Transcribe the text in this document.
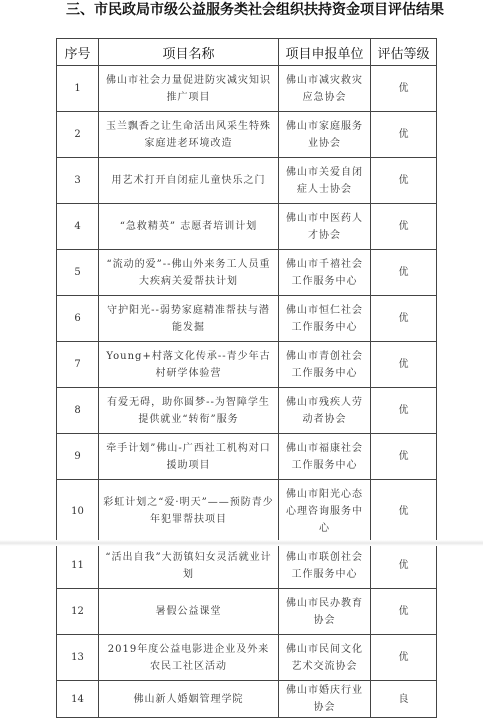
三、市民政局市级公益服务类社会组织扶持资金项目评估结果
序号	项目名称	项目申报单位	评估等级
1	佛山市社会力量促进防灾减灾知识推广项目	佛山市减灾救灾应急协会	优
2	玉兰飘香之让生命活出风采生特殊家庭进老环境改造	佛山市家庭服务业协会	优
3	用艺术打开自闭症儿童快乐之门	佛山市关爱自闭症人士协会	优
4	“急救精英” 志愿者培训计划	佛山市中医药人才协会	优
5	“流动的爱”--佛山外来务工人员重大疾病关爱帮扶计划	佛山市千禧社会工作服务中心	优
6	守护阳光--弱势家庭精准帮扶与潜能发掘	佛山市恒仁社会工作服务中心	优
7	Young+村落文化传承--青少年古村研学体验营	佛山市青创社会工作服务中心	优
8	有爱无碍，助你圆梦--为智障学生提供就业“转衔”服务	佛山市残疾人劳动者协会	优
9	牵手计划”佛山-广西社工机构对口援助项目	佛山市福康社会工作服务中心	优
10	彩虹计划之“爱·明天”——预防青少年犯罪帮扶项目	佛山市阳光心态心理咨询服务中心	优
11	“活出自我”大沥镇妇女灵活就业计划	佛山市联创社会工作服务中心	优
12	暑假公益课堂	佛山市民办教育协会	优
13	2019年度公益电影进企业及外来农民工社区活动	佛山市民间文化艺术交流协会	优
14	佛山新人婚姻管理学院	佛山市婚庆行业协会	良
